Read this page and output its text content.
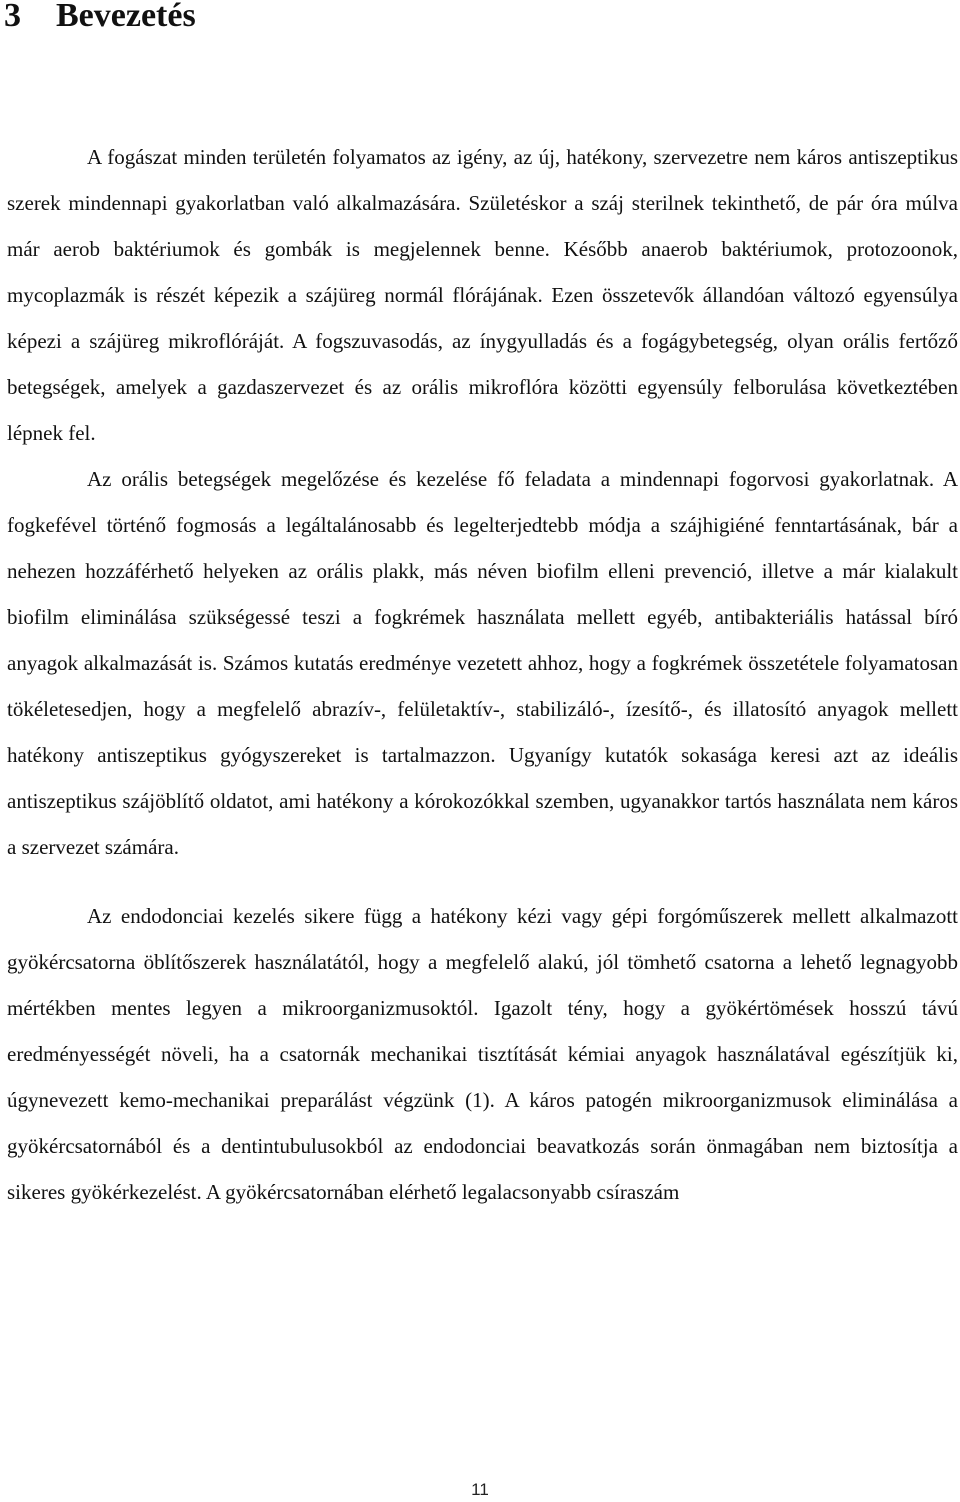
3 Bevezetés

A fogászat minden területén folyamatos az igény, az új, hatékony, szervezetre nem káros antiszeptikus szerek mindennapi gyakorlatban való alkalmazására. Születéskor a száj sterilnek tekinthető, de pár óra múlva már aerob baktériumok és gombák is megjelennek benne. Később anaerob baktériumok, protozoonok, mycoplazmák is részét képezik a szájüreg normál flórájának. Ezen összetevők állandóan változó egyensúlya képezi a szájüreg mikroflóráját. A fogszuvasodás, az ínygyulladás és a fogágybetegség, olyan orális fertőző betegségek, amelyek a gazdaszervezet és az orális mikroflóra közötti egyensúly felborulása következtében lépnek fel.

Az orális betegségek megelőzése és kezelése fő feladata a mindennapi fogorvosi gyakorlatnak. A fogkefével történő fogmosás a legáltalánosabb és legelterjedtebb módja a szájhigiéné fenntartásának, bár a nehezen hozzáférhető helyeken az orális plakk, más néven biofilm elleni prevenció, illetve a már kialakult biofilm eliminálása szükségessé teszi a fogkrémek használata mellett egyéb, antibakteriális hatással bíró anyagok alkalmazását is. Számos kutatás eredménye vezetett ahhoz, hogy a fogkrémek összetétele folyamatosan tökéletesedjen, hogy a megfelelő abrazív-, felületaktív-, stabilizáló-, ízesítő-, és illatosító anyagok mellett hatékony antiszeptikus gyógyszereket is tartalmazzon. Ugyanígy kutatók sokasága keresi azt az ideális antiszeptikus szájöblítő oldatot, ami hatékony a kórokozókkal szemben, ugyanakkor tartós használata nem káros a szervezet számára.

Az endodonciai kezelés sikere függ a hatékony kézi vagy gépi forgóműszerek mellett alkalmazott gyökércsatorna öblítőszerek használatától, hogy a megfelelő alakú, jól tömhető csatorna a lehető legnagyobb mértékben mentes legyen a mikroorganizmusoktól. Igazolt tény, hogy a gyökértömések hosszú távú eredményességét növeli, ha a csatornák mechanikai tisztítását kémiai anyagok használatával egészítjük ki, úgynevezett kemo-mechanikai preparálást végzünk (1). A káros patogén mikroorganizmusok eliminálása a gyökércsatornából és a dentintubulusokból az endodonciai beavatkozás során önmagában nem biztosítja a sikeres gyökérkezelést. A gyökércsatornában elérhető legalacsonyabb csíraszám

11
